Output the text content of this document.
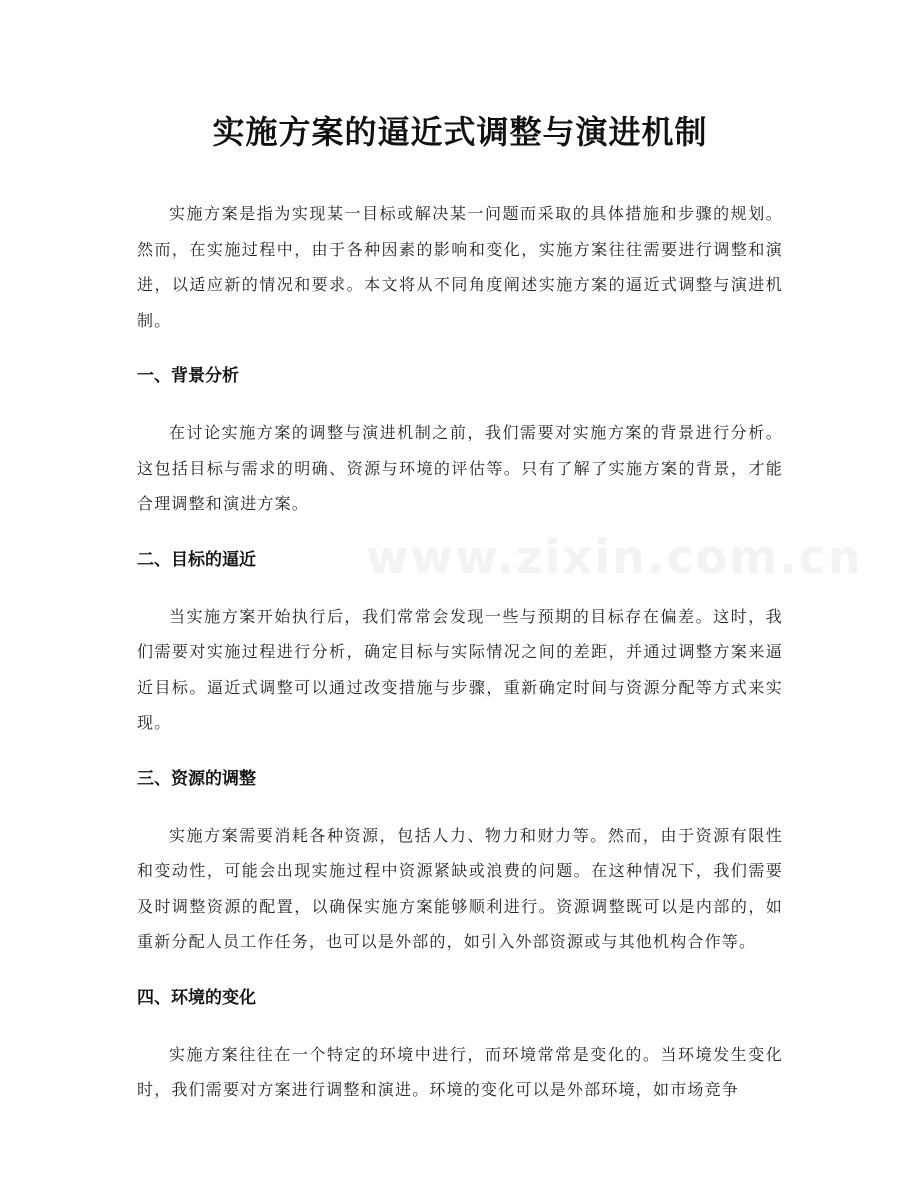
实施方案的逼近式调整与演进机制

实施方案是指为实现某一目标或解决某一问题而采取的具体措施和步骤的规划。然而，在实施过程中，由于各种因素的影响和变化，实施方案往往需要进行调整和演进，以适应新的情况和要求。本文将从不同角度阐述实施方案的逼近式调整与演进机制。

一、背景分析

在讨论实施方案的调整与演进机制之前，我们需要对实施方案的背景进行分析。这包括目标与需求的明确、资源与环境的评估等。只有了解了实施方案的背景，才能合理调整和演进方案。

二、目标的逼近

当实施方案开始执行后，我们常常会发现一些与预期的目标存在偏差。这时，我们需要对实施过程进行分析，确定目标与实际情况之间的差距，并通过调整方案来逼近目标。逼近式调整可以通过改变措施与步骤，重新确定时间与资源分配等方式来实现。

三、资源的调整

实施方案需要消耗各种资源，包括人力、物力和财力等。然而，由于资源有限性和变动性，可能会出现实施过程中资源紧缺或浪费的问题。在这种情况下，我们需要及时调整资源的配置，以确保实施方案能够顺利进行。资源调整既可以是内部的，如重新分配人员工作任务，也可以是外部的，如引入外部资源或与其他机构合作等。

四、环境的变化

实施方案往往在一个特定的环境中进行，而环境常常是变化的。当环境发生变化时，我们需要对方案进行调整和演进。环境的变化可以是外部环境，如市场竞争

www.zixin.com.cn
